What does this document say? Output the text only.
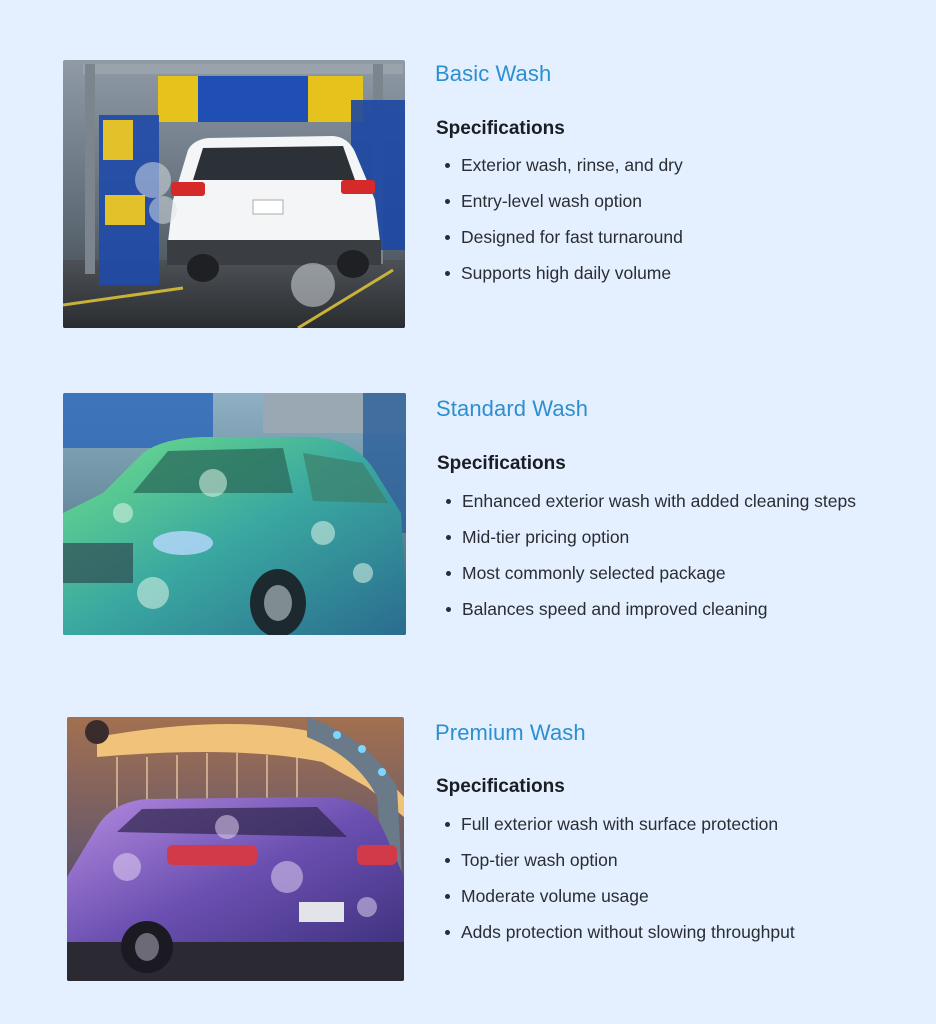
Basic Wash
Specifications
Exterior wash, rinse, and dry
Entry-level wash option
Designed for fast turnaround
Supports high daily volume
Standard Wash
Specifications
Enhanced exterior wash with added cleaning steps
Mid-tier pricing option
Most commonly selected package
Balances speed and improved cleaning
Premium Wash
Specifications
Full exterior wash with surface protection
Top-tier wash option
Moderate volume usage
Adds protection without slowing throughput
